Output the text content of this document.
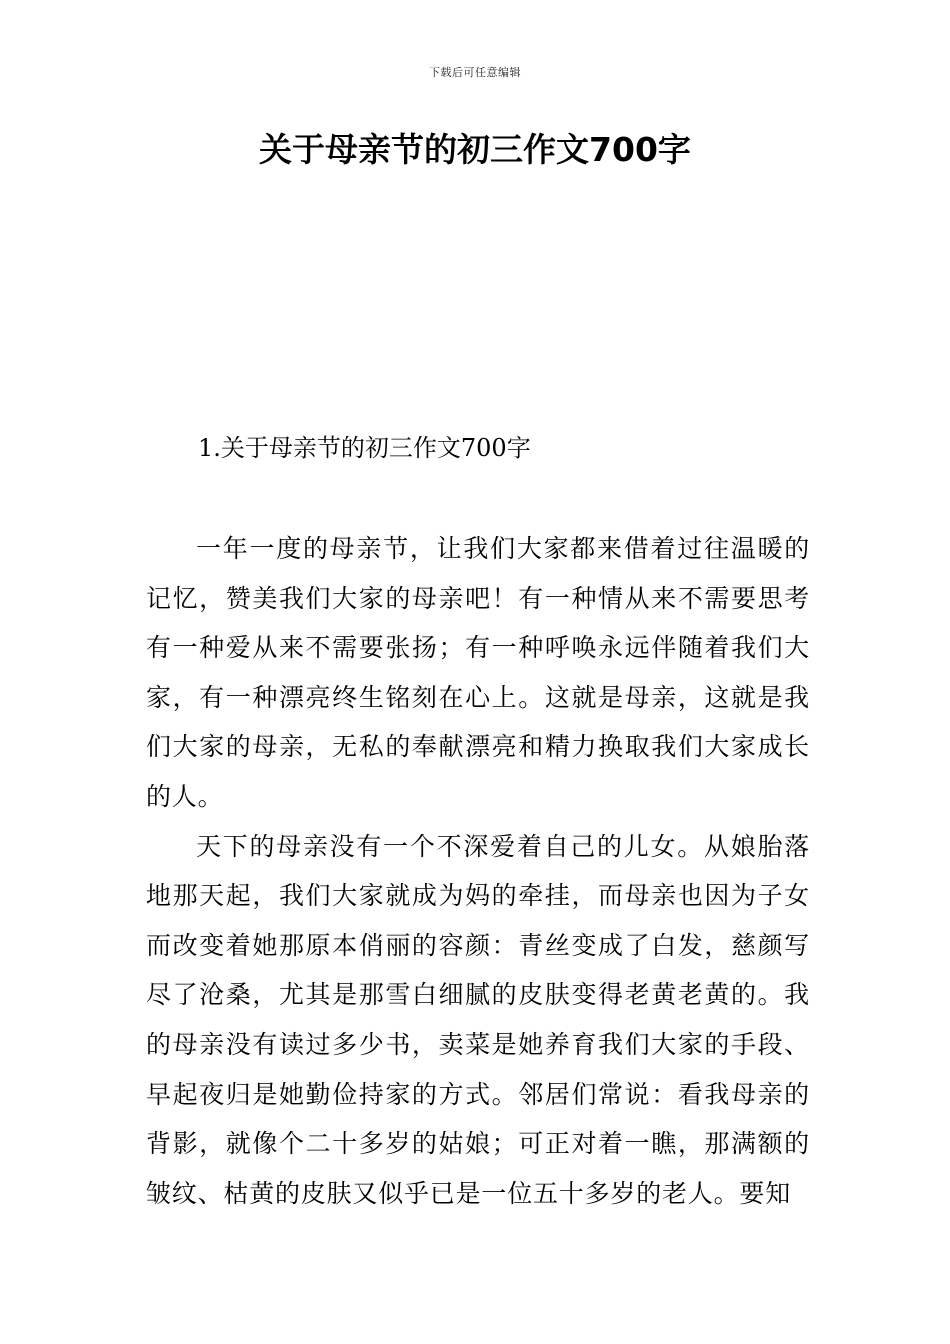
下载后可任意编辑
关于母亲节的初三作文700字
1.关于母亲节的初三作文700字

一年一度的母亲节，让我们大家都来借着过往温暖的记忆，赞美我们大家的母亲吧！有一种情从来不需要思考有一种爱从来不需要张扬；有一种呼唤永远伴随着我们大家，有一种漂亮终生铭刻在心上。这就是母亲，这就是我们大家的母亲，无私的奉献漂亮和精力换取我们大家成长的人。

天下的母亲没有一个不深爱着自己的儿女。从娘胎落地那天起，我们大家就成为妈的牵挂，而母亲也因为子女而改变着她那原本俏丽的容颜：青丝变成了白发，慈颜写尽了沧桑，尤其是那雪白细腻的皮肤变得老黄老黄的。我的母亲没有读过多少书，卖菜是她养育我们大家的手段、早起夜归是她勤俭持家的方式。邻居们常说：看我母亲的背影，就像个二十多岁的姑娘；可正对着一瞧，那满额的皱纹、枯黄的皮肤又似乎已是一位五十多岁的老人。要知
